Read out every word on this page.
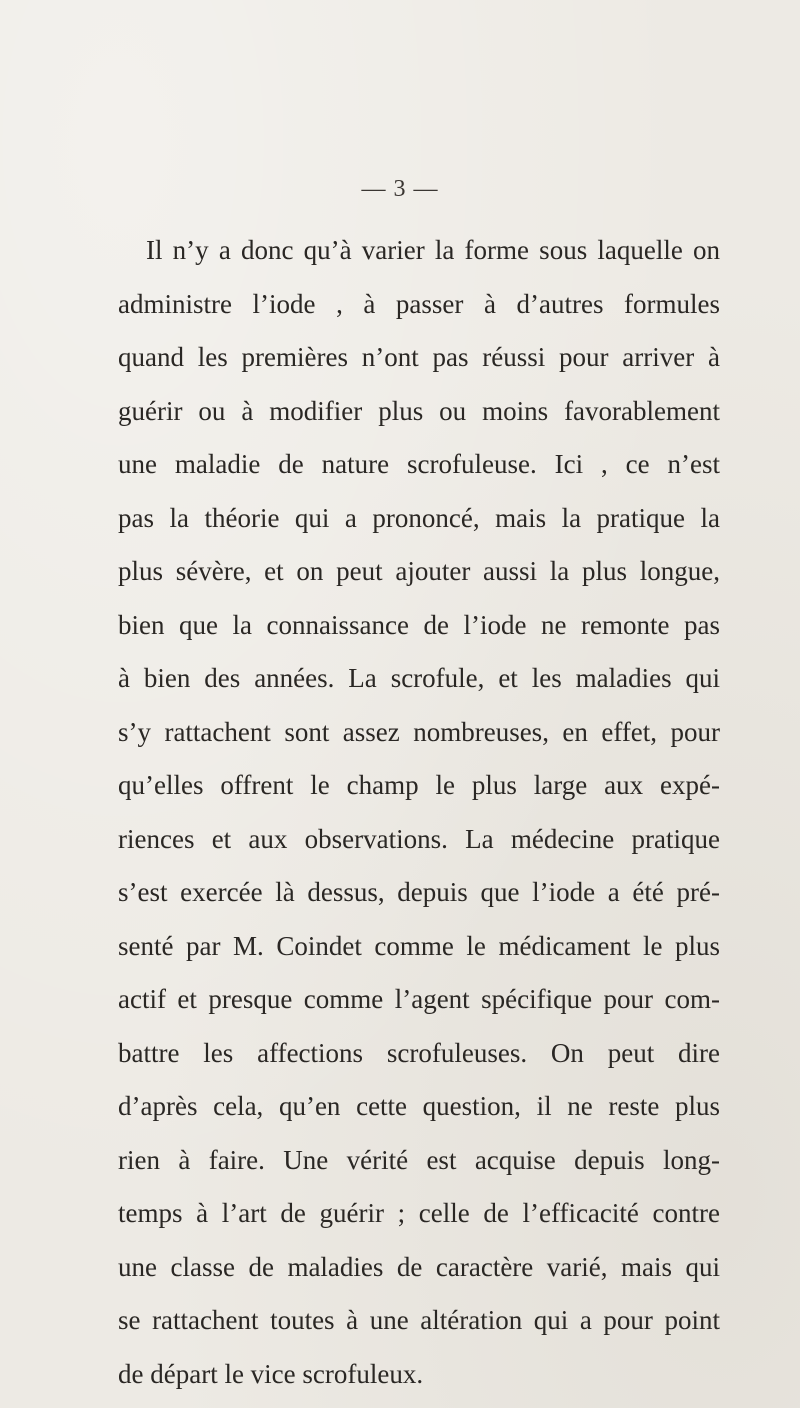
— 3 —
Il n’y a donc qu’à varier la forme sous laquelle on
administre l’iode , à passer à d’autres formules
quand les premières n’ont pas réussi pour arriver à
guérir ou à modifier plus ou moins favorablement
une maladie de nature scrofuleuse. Ici , ce n’est
pas la théorie qui a prononcé, mais la pratique la
plus sévère, et on peut ajouter aussi la plus longue,
bien que la connaissance de l’iode ne remonte pas
à bien des années. La scrofule, et les maladies qui
s’y rattachent sont assez nombreuses, en effet, pour
qu’elles offrent le champ le plus large aux expé-
riences et aux observations. La médecine pratique
s’est exercée là dessus, depuis que l’iode a été pré-
senté par M. Coindet comme le médicament le plus
actif et presque comme l’agent spécifique pour com-
battre les affections scrofuleuses. On peut dire
d’après cela, qu’en cette question, il ne reste plus
rien à faire. Une vérité est acquise depuis long-
temps à l’art de guérir ; celle de l’efficacité contre
une classe de maladies de caractère varié, mais qui
se rattachent toutes à une altération qui a pour point
de départ le vice scrofuleux.
